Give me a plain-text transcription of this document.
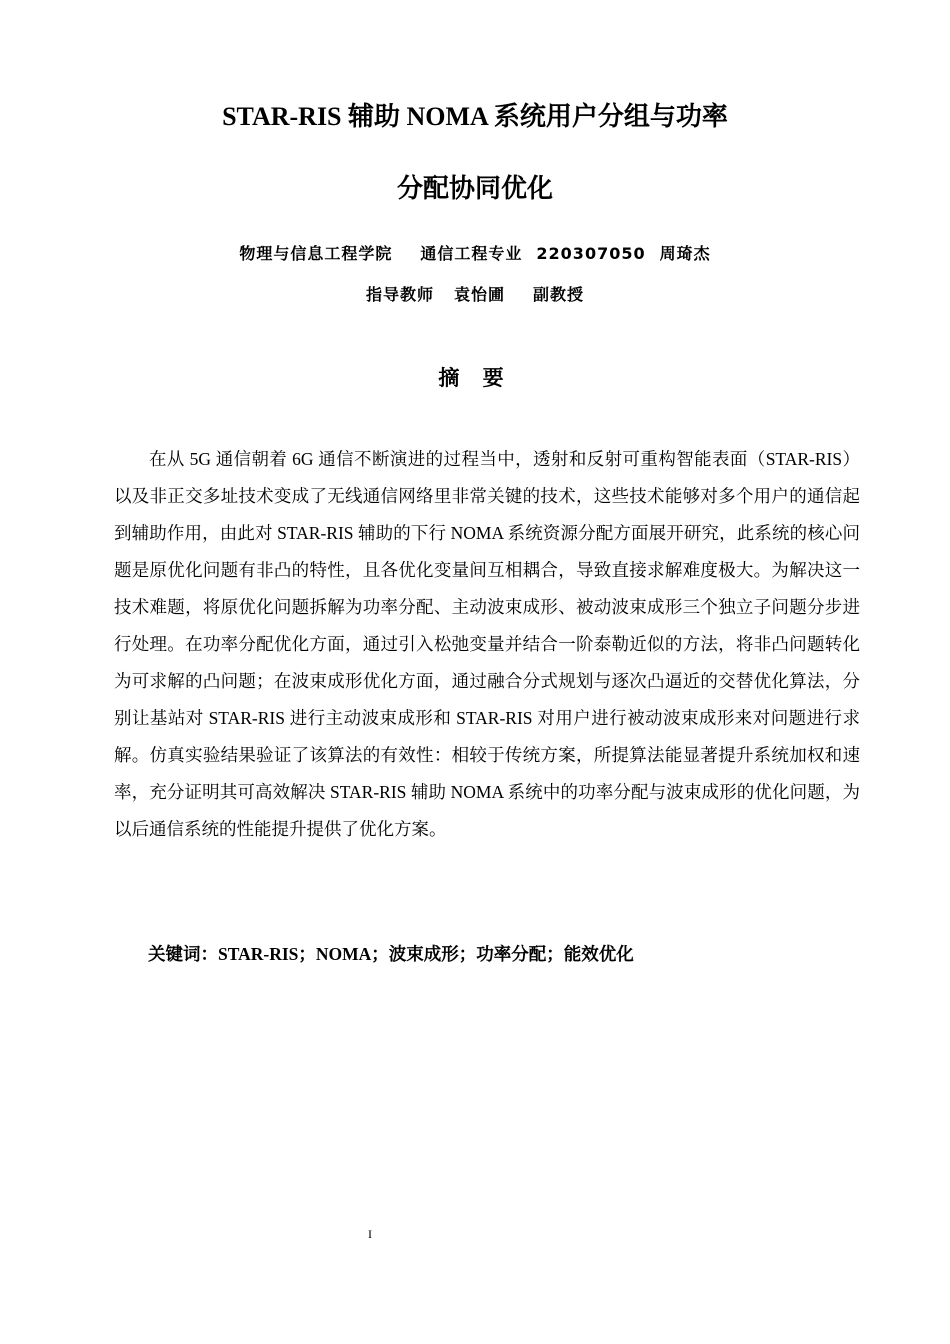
STAR-RIS 辅助 NOMA 系统用户分组与功率
分配协同优化
物理与信息工程学院 通信工程专业 220307050 周琦杰
指导教师 袁怡圃 副教授
摘 要

在从 5G 通信朝着 6G 通信不断演进的过程当中，透射和反射可重构智能表面（STAR-RIS）以及非正交多址技术变成了无线通信网络里非常关键的技术，这些技术能够对多个用户的通信起到辅助作用，由此对 STAR-RIS 辅助的下行 NOMA 系统资源分配方面展开研究，此系统的核心问题是原优化问题有非凸的特性，且各优化变量间互相耦合，导致直接求解难度极大。为解决这一技术难题，将原优化问题拆解为功率分配、主动波束成形、被动波束成形三个独立子问题分步进行处理。在功率分配优化方面，通过引入松弛变量并结合一阶泰勒近似的方法，将非凸问题转化为可求解的凸问题；在波束成形优化方面，通过融合分式规划与逐次凸逼近的交替优化算法，分别让基站对 STAR-RIS 进行主动波束成形和 STAR-RIS 对用户进行被动波束成形来对问题进行求解。仿真实验结果验证了该算法的有效性：相较于传统方案，所提算法能显著提升系统加权和速率，充分证明其可高效解决 STAR-RIS 辅助 NOMA 系统中的功率分配与波束成形的优化问题，为以后通信系统的性能提升提供了优化方案。

关键词：STAR-RIS；NOMA；波束成形；功率分配；能效优化
I
